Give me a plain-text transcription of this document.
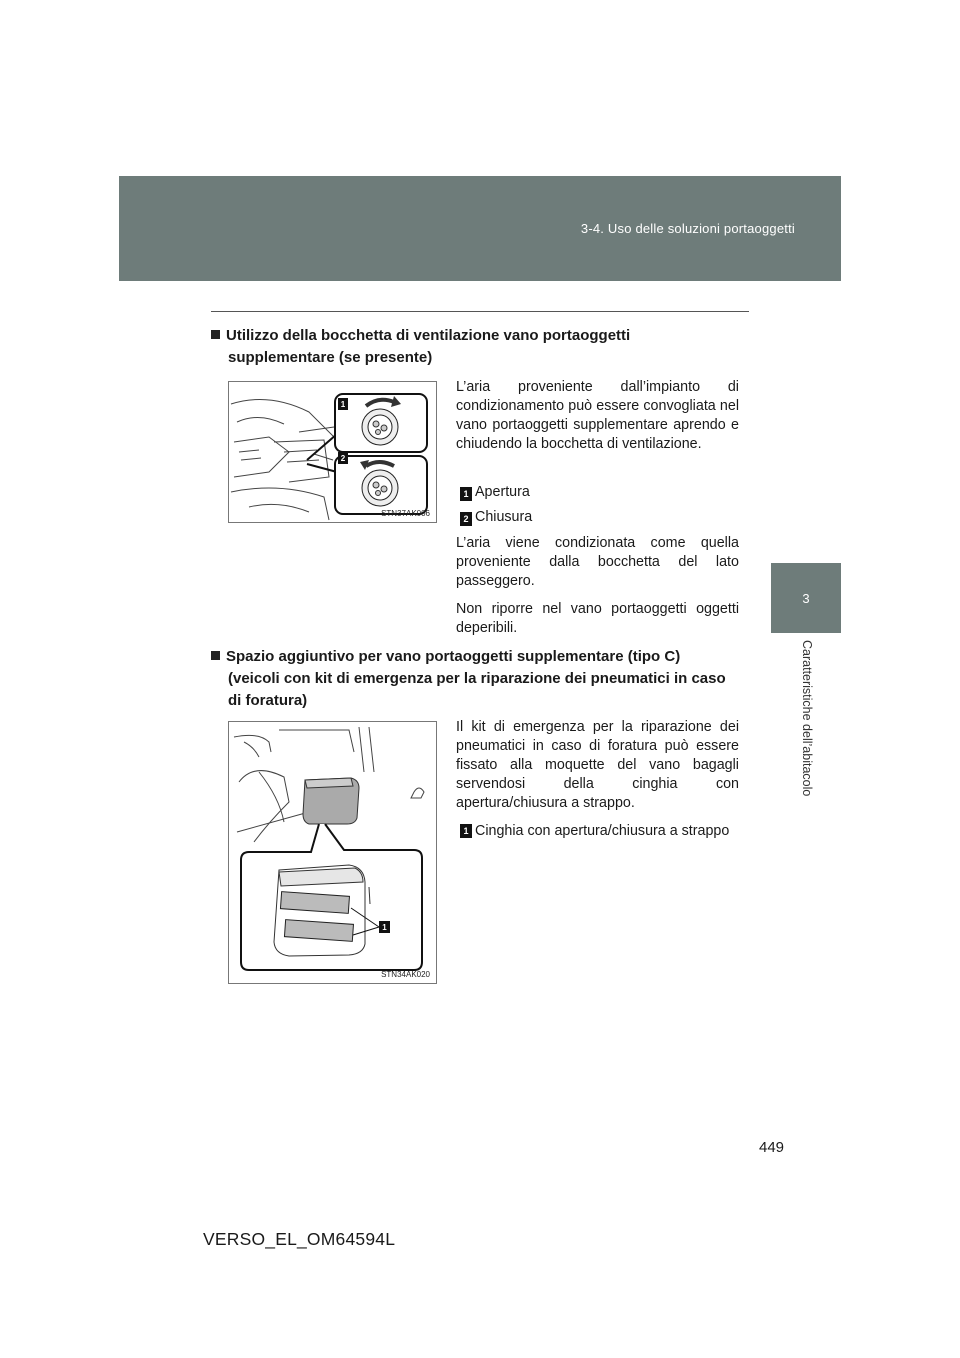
3-4. Uso delle soluzioni portaoggetti
3
Caratteristiche dell’abitacolo
Utilizzo della bocchetta di ventilazione vano portaoggetti
supplementare (se presente)
1
2
STN37AK006

L’aria proveniente dall’impianto di condizionamento può essere convogliata nel vano portaoggetti supplementare aprendo e chiudendo la bocchetta di ventilazione.

1 Apertura
2 Chiusura

L’aria viene condizionata come quella proveniente dalla bocchetta del lato passeggero.

Non riporre nel vano portaoggetti oggetti deperibili.

Spazio aggiuntivo per vano portaoggetti supplementare (tipo C)
(veicoli con kit di emergenza per la riparazione dei pneumatici in caso
di foratura)
1
STN34AK020

Il kit di emergenza per la riparazione dei pneumatici in caso di foratura può essere fissato alla moquette del vano bagagli servendosi della cinghia con apertura/chiusura a strappo.

1 Cinghia con apertura/chiusura a strappo
449
VERSO_EL_OM64594L
